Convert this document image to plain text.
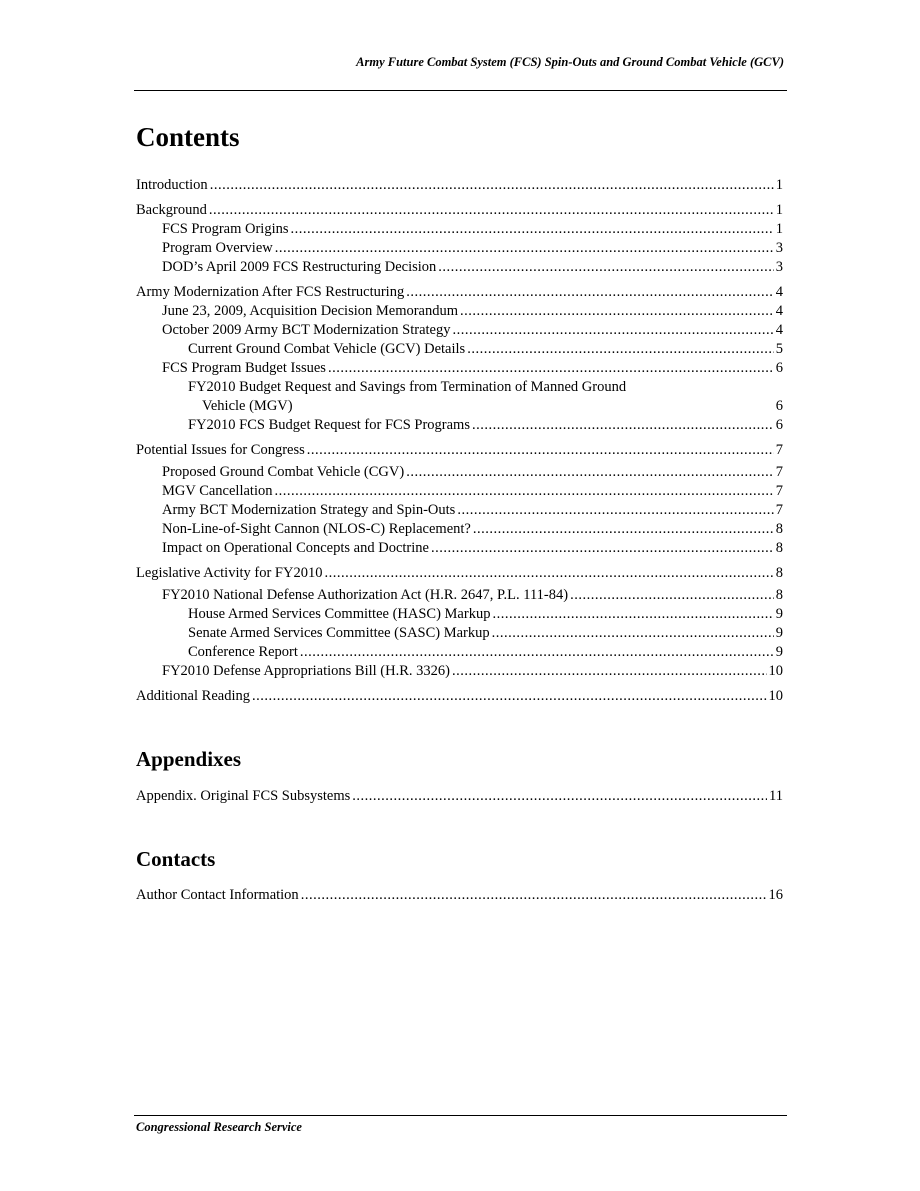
Army Future Combat System (FCS) Spin-Outs and Ground Combat Vehicle (GCV)
Contents
Introduction .....	1
Background .....	1
FCS Program Origins .....	1
Program Overview .....	3
DOD’s April 2009 FCS Restructuring Decision .....	3
Army Modernization After FCS Restructuring .....	4
June 23, 2009, Acquisition Decision Memorandum .....	4
October 2009 Army BCT Modernization Strategy .....	4
Current Ground Combat Vehicle (GCV) Details .....	5
FCS Program Budget Issues .....	6
FY2010 Budget Request and Savings from Termination of Manned Ground
Vehicle (MGV)	6
FY2010 FCS Budget Request for FCS Programs .....	6
Potential Issues for Congress .....	7
Proposed Ground Combat Vehicle (CGV) .....	7
MGV Cancellation .....	7
Army BCT Modernization Strategy and Spin-Outs .....	7
Non-Line-of-Sight Cannon (NLOS-C) Replacement? .....	8
Impact on Operational Concepts and Doctrine .....	8
Legislative Activity for FY2010 .....	8
FY2010 National Defense Authorization Act (H.R. 2647, P.L. 111-84) .....	8
House Armed Services Committee (HASC) Markup .....	9
Senate Armed Services Committee (SASC) Markup .....	9
Conference Report .....	9
FY2010 Defense Appropriations Bill (H.R. 3326) .....	10
Additional Reading .....	10
Appendixes
Appendix. Original FCS Subsystems .....	11
Contacts
Author Contact Information .....	16
Congressional Research Service
